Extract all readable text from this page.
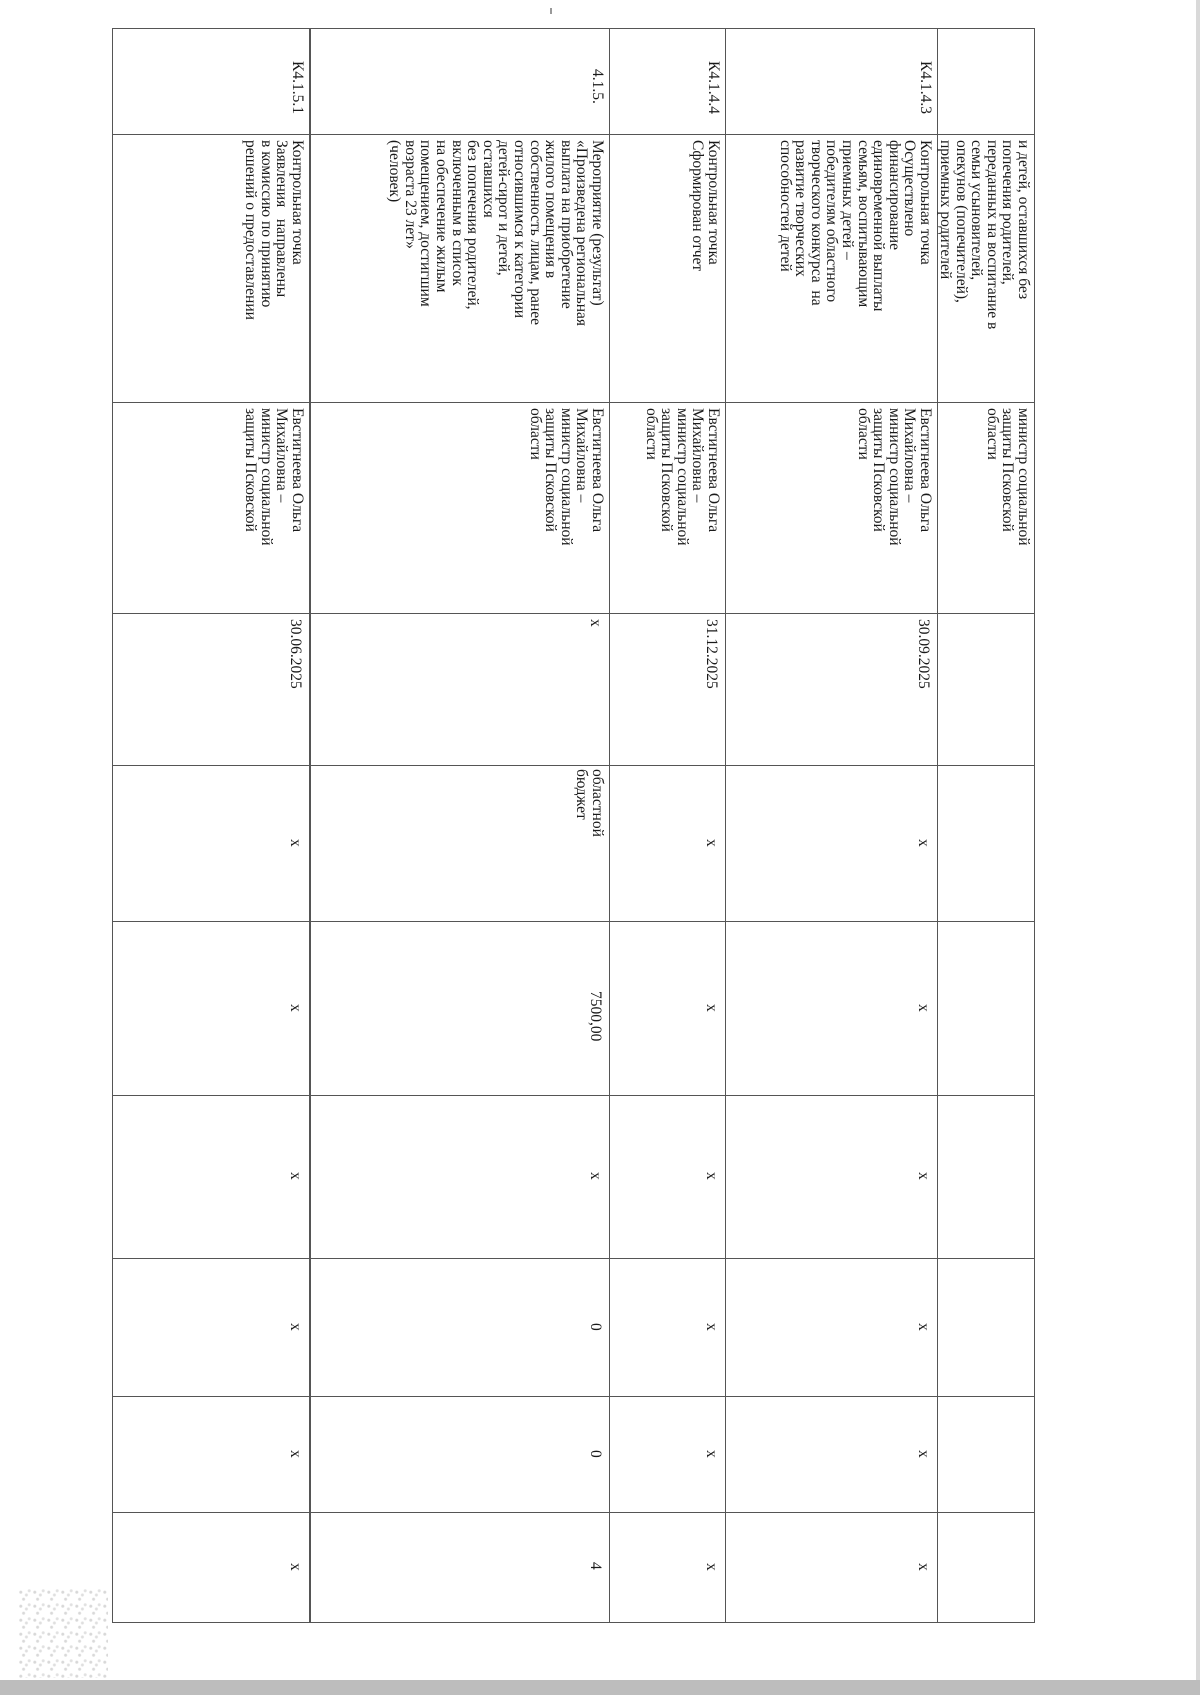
и детей, оставшихся без
попечения родителей,
переданных на воспитание в
семьи усыновителей,
опекунов (попечителей),
приемных родителей
министр социальной
защиты Псковской
области
К4.1.4.3
Контрольная точка
Осуществлено
финансирование
единовременной выплаты
семьям, воспитывающим
приемных детей –
победителям областного
творческого конкурса  на
развитие творческих
способностей детей
Евстигнеева Ольга
Михайловна –
министр социальной
защиты Псковской
области
30.09.2025
x
x
x
x
x
x
К4.1.4.4
Контрольная точка
Сформирован отчет
Евстигнеева Ольга
Михайловна –
министр социальной
защиты Псковской
области
31.12.2025
x
x
x
x
x
x
4.1.5.
Мероприятие (результат)
«Произведена региональная
выплата на приобретение
жилого помещения в
собственность лицам, ранее
относившимся к категории
детей-сирот и детей,
оставшихся
без попечения родителей,
включенным в список
на обеспечение жилым
помещением, достигшим
возраста 23 лет»
(человек)
Евстигнеева Ольга
Михайловна –
министр социальной
защиты Псковской
области
x
областной
бюджет
7500,00
x
0
0
4
К4.1.5.1
Контрольная точка
Заявления   направлены
в комиссию по принятию
решений о предоставлении
Евстигнеева Ольга
Михайловна –
министр социальной
защиты Псковской
30.06.2025
x
x
x
x
x
x
